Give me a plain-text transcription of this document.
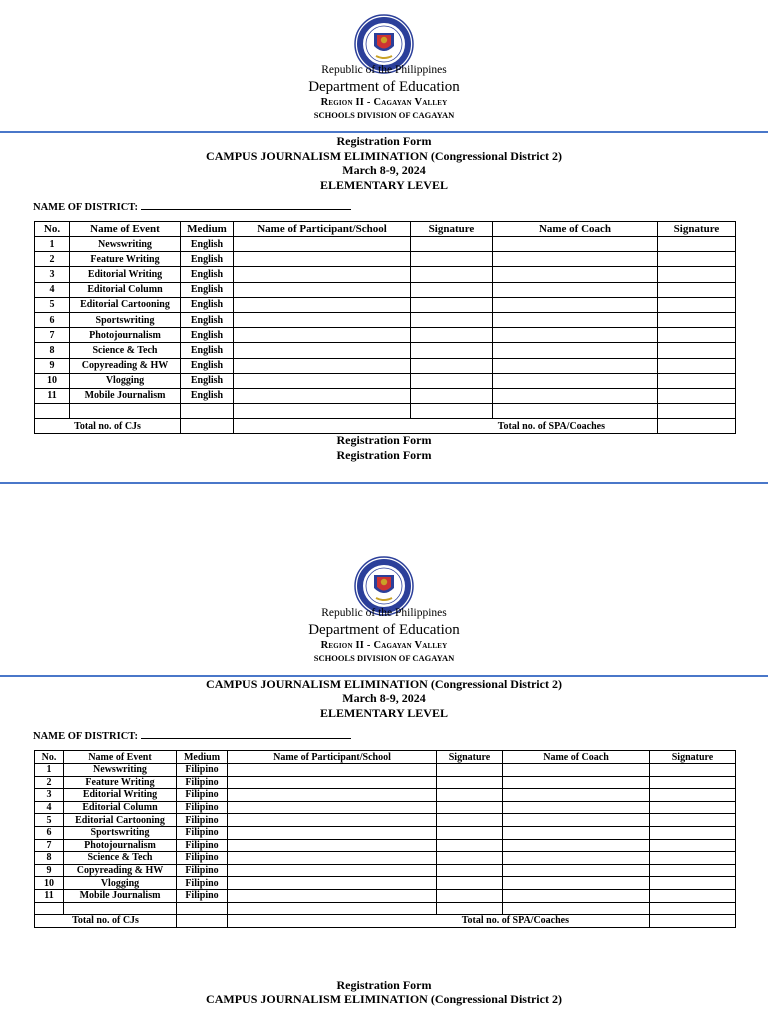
Republic of the Philippines
Department of Education
Region II - Cagayan Valley
SCHOOLS DIVISION OF CAGAYAN
Registration Form
CAMPUS JOURNALISM ELIMINATION (Congressional District 2)
March 8-9, 2024
ELEMENTARY LEVEL
NAME OF DISTRICT:
No.	Name of Event	Medium	Name of Participant/School	Signature	Name of Coach	Signature
1	Newswriting	English				
2	Feature Writing	English				
3	Editorial Writing	English				
4	Editorial Column	English				
5	Editorial Cartooning	English				
6	Sportswriting	English				
7	Photojournalism	English				
8	Science & Tech	English				
9	Copyreading & HW	English				
10	Vlogging	English				
11	Mobile Journalism	English				

Total no. of CJs			Total no. of SPA/Coaches			
Registration Form
Registration Form
Republic of the Philippines
Department of Education
Region II - Cagayan Valley
SCHOOLS DIVISION OF CAGAYAN
CAMPUS JOURNALISM ELIMINATION (Congressional District 2)
March 8-9, 2024
ELEMENTARY LEVEL
NAME OF DISTRICT:
No.	Name of Event	Medium	Name of Participant/School	Signature	Name of Coach	Signature
1	Newswriting	Filipino				
2	Feature Writing	Filipino				
3	Editorial Writing	Filipino				
4	Editorial Column	Filipino				
5	Editorial Cartooning	Filipino				
6	Sportswriting	Filipino				
7	Photojournalism	Filipino				
8	Science & Tech	Filipino				
9	Copyreading & HW	Filipino				
10	Vlogging	Filipino				
11	Mobile Journalism	Filipino				

Total no. of CJs			Total no. of SPA/Coaches			
Registration Form
CAMPUS JOURNALISM ELIMINATION (Congressional District 2)
